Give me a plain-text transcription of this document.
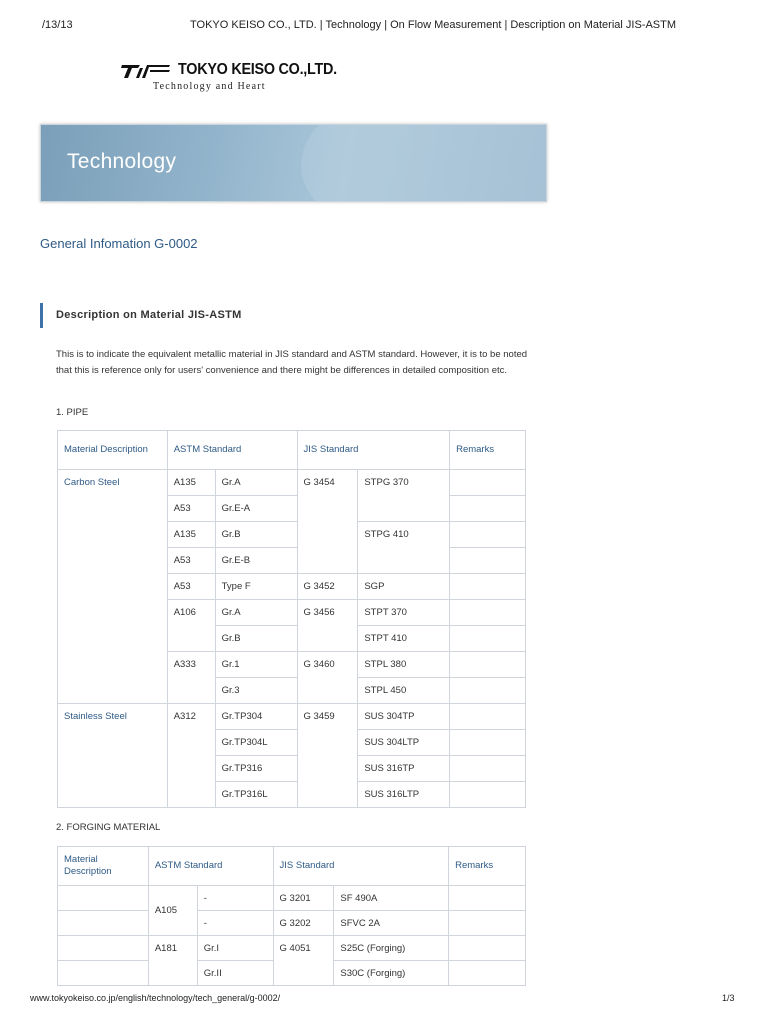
/13/13	TOKYO KEISO CO., LTD. | Technology | On Flow Measurement | Description on Material JIS-ASTM
TOKYO KEISO CO.,LTD.
Technology and Heart
Technology
General Infomation G-0002
Description on Material JIS-ASTM
This is to indicate the equivalent metallic material in JIS standard and ASTM standard. However, it is to be noted that this is reference only for users' convenience and there might be differences in detailed composition etc.
1. PIPE
Material Description	ASTM Standard		JIS Standard		Remarks
Carbon Steel	A135	Gr.A	G 3454	STPG 370	
	A53	Gr.E-A			
	A135	Gr.B		STPG 410	
	A53	Gr.E-B			
	A53	Type F	G 3452	SGP	
	A106	Gr.A	G 3456	STPT 370	
		Gr.B		STPT 410	
	A333	Gr.1	G 3460	STPL 380	
		Gr.3		STPL 450	
Stainless Steel	A312	Gr.TP304	G 3459	SUS 304TP	
		Gr.TP304L		SUS 304LTP	
		Gr.TP316		SUS 316TP	
		Gr.TP316L		SUS 316LTP	
2. FORGING MATERIAL
Material Description	ASTM Standard		JIS Standard		Remarks
	A105	-	G 3201	SF 490A	
		-	G 3202	SFVC 2A	
	A181	Gr.I	G 4051	S25C (Forging)	
		Gr.II		S30C (Forging)	
www.tokyokeiso.co.jp/english/technology/tech_general/g-0002/	1/3
